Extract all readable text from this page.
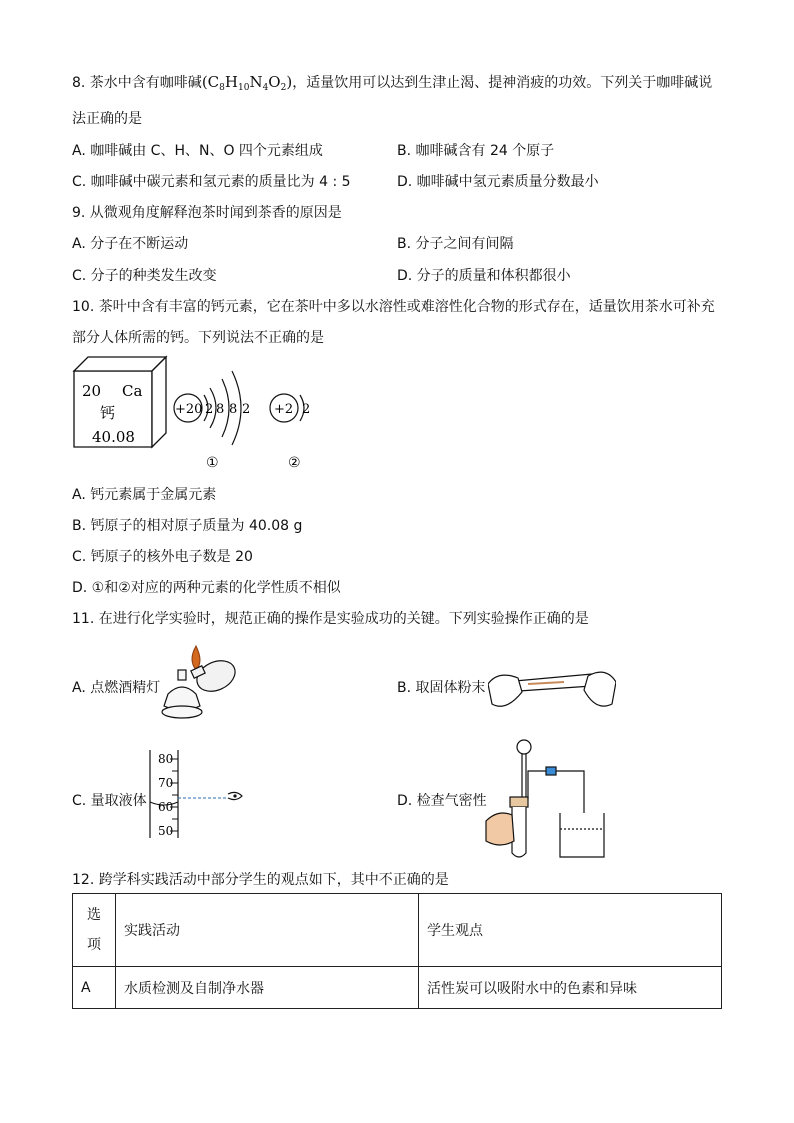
8. 茶水中含有咖啡碱$(C_8H_{10}N_4O_2)$，适量饮用可以达到生津止渴、提神消疲的功效。下列关于咖啡碱说
法正确的是
A. 咖啡碱由 C、H、N、O 四个元素组成	B. 咖啡碱含有 24 个原子
C. 咖啡碱中碳元素和氢元素的质量比为 4 : 5	D. 咖啡碱中氢元素质量分数最小
9. 从微观角度解释泡茶时闻到茶香的原因是
A. 分子在不断运动	B. 分子之间有间隔
C. 分子的种类发生改变	D. 分子的质量和体积都很小
10. 茶叶中含有丰富的钙元素，它在茶叶中多以水溶性或难溶性化合物的形式存在，适量饮用茶水可补充
部分人体所需的钙。下列说法不正确的是
20 Ca
钙
40.08
+20 2 8 8 2
①
+2 2
②
A. 钙元素属于金属元素
B. 钙原子的相对原子质量为 40.08 g
C. 钙原子的核外电子数是 20
D. ①和②对应的两种元素的化学性质不相似
11. 在进行化学实验时，规范正确的操作是实验成功的关键。下列实验操作正确的是
A. 点燃酒精灯	B. 取固体粉末
C. 量取液体
80
70
60
50
D. 检查气密性
12. 跨学科实践活动中部分学生的观点如下，其中不正确的是
选
项	实践活动	学生观点
A	水质检测及自制净水器	活性炭可以吸附水中的色素和异味
